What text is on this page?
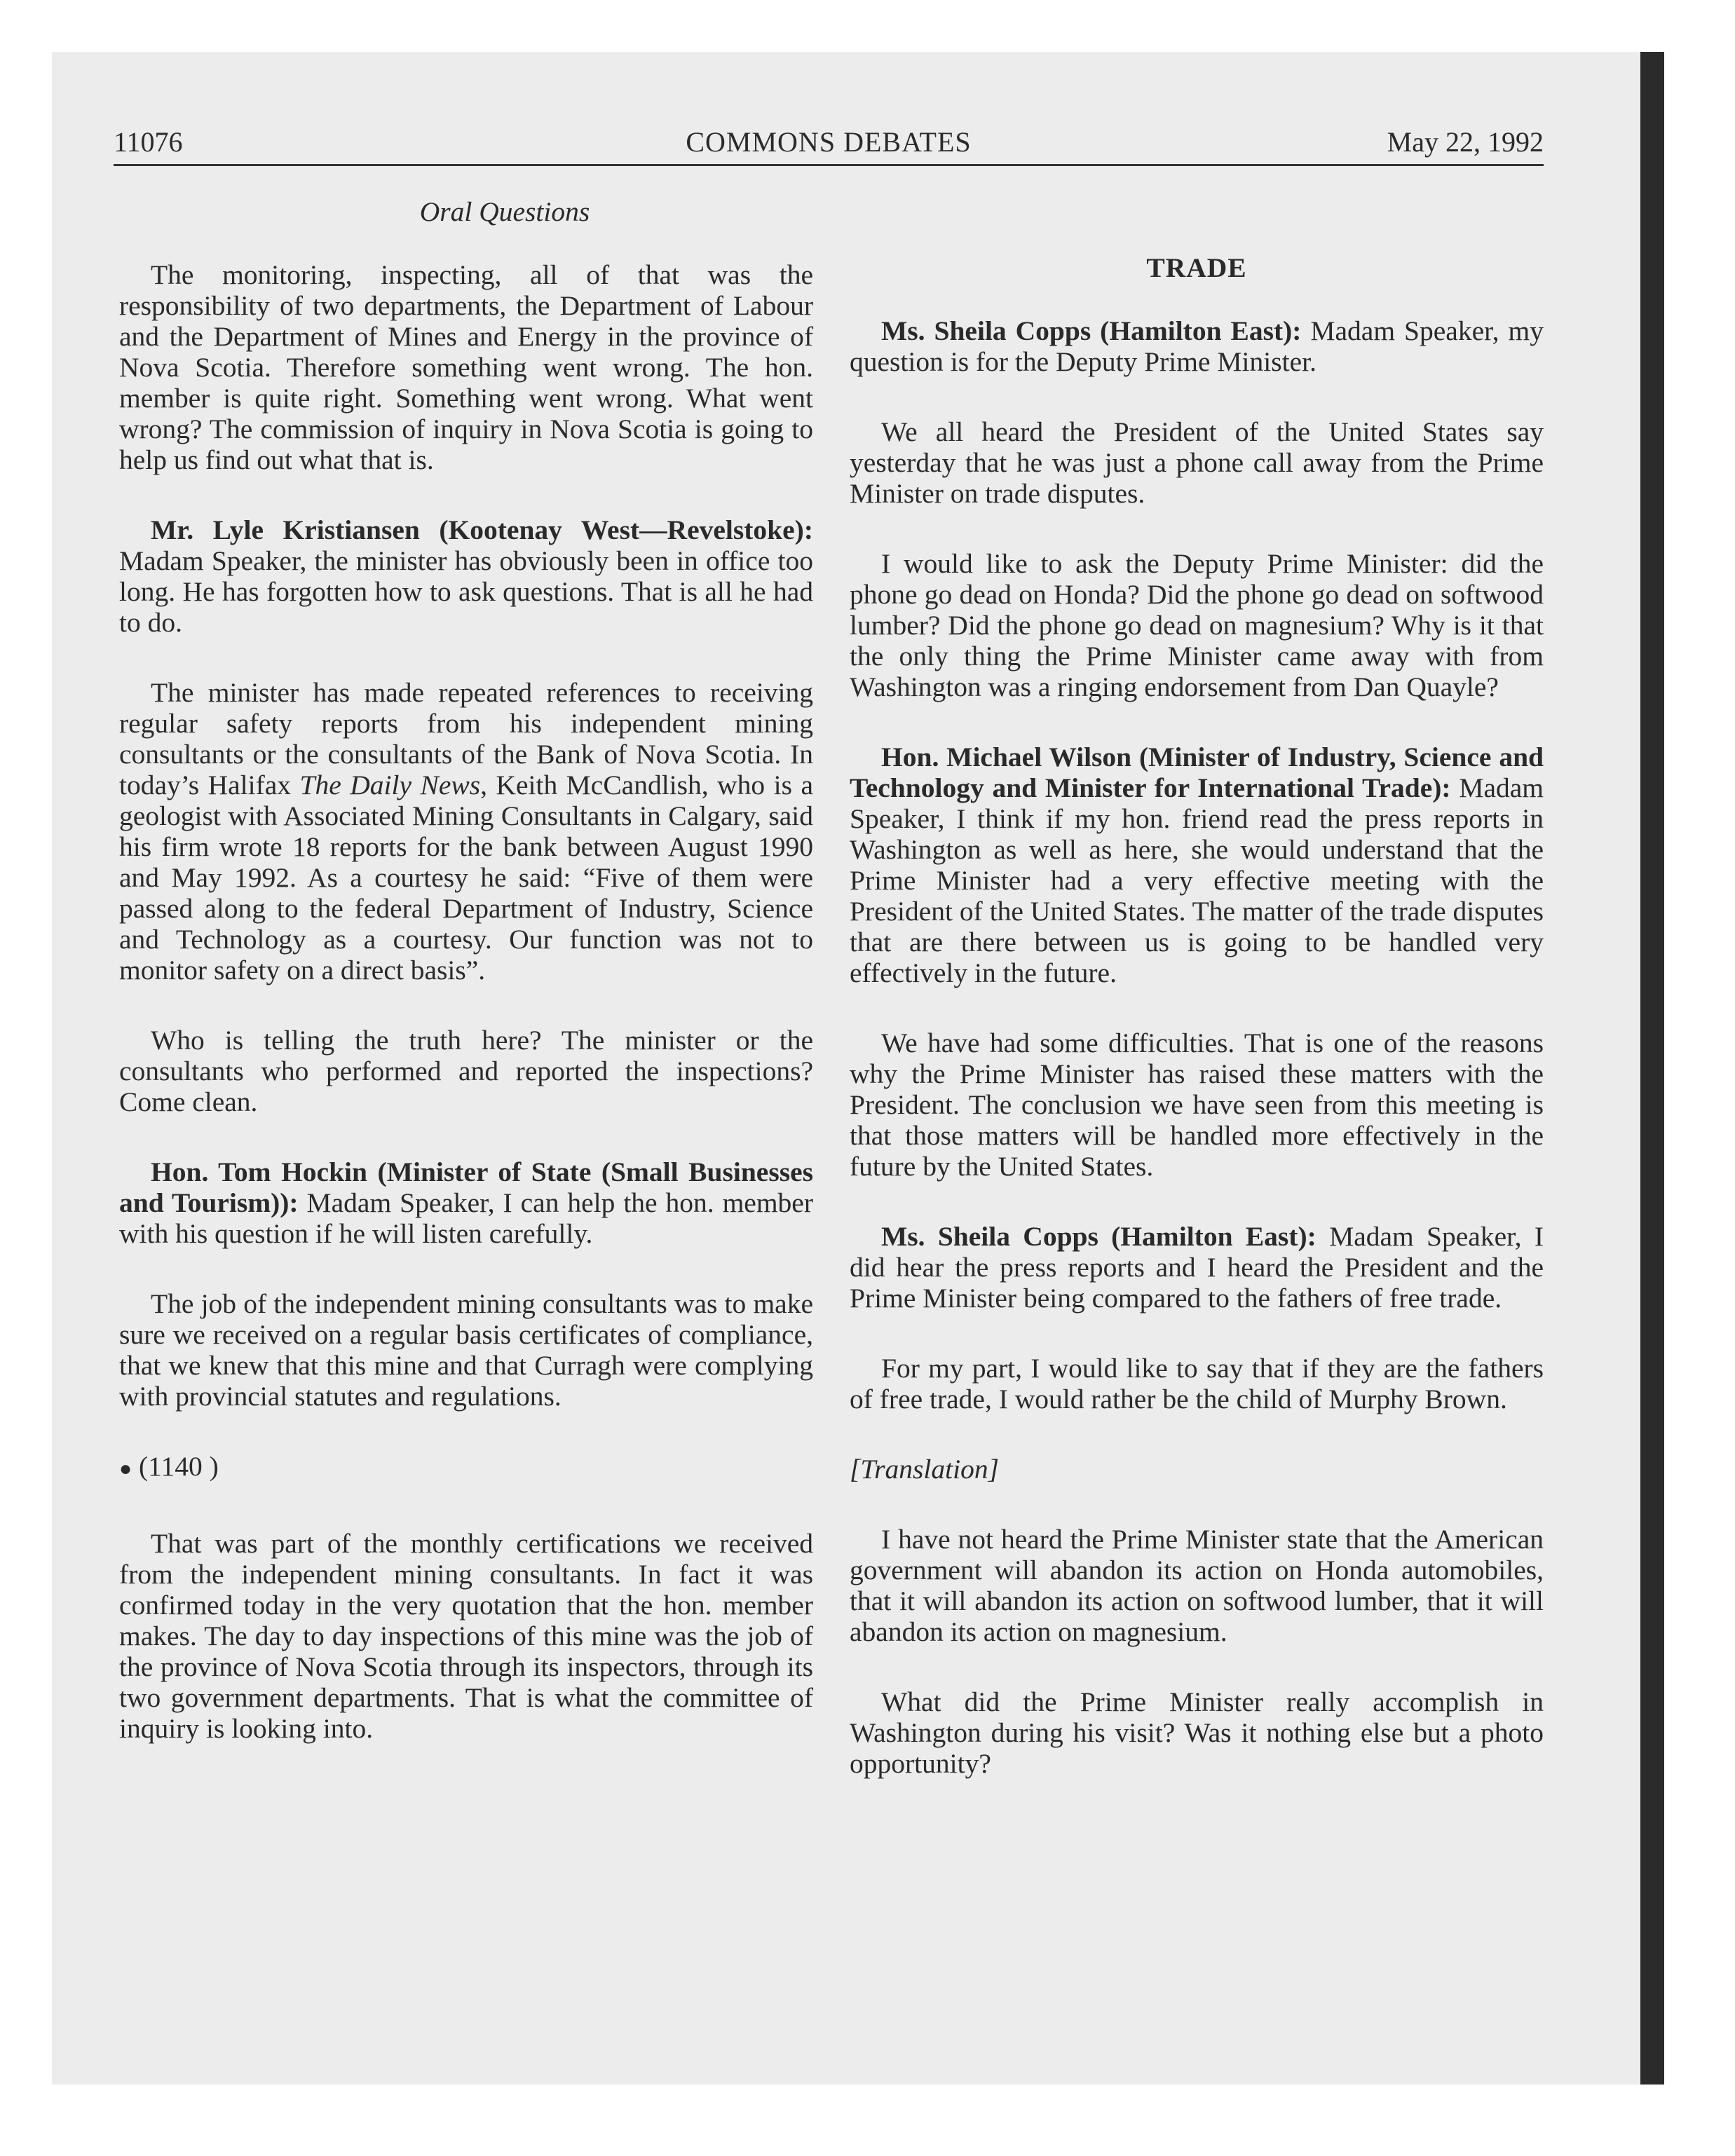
11076	COMMONS DEBATES	May 22, 1992
Oral Questions

The monitoring, inspecting, all of that was the responsibility of two departments, the Department of Labour and the Department of Mines and Energy in the province of Nova Scotia. Therefore something went wrong. The hon. member is quite right. Something went wrong. What went wrong? The commission of inquiry in Nova Scotia is going to help us find out what that is.

Mr. Lyle Kristiansen (Kootenay West—Revelstoke): Madam Speaker, the minister has obviously been in office too long. He has forgotten how to ask questions. That is all he had to do.

The minister has made repeated references to receiving regular safety reports from his independent mining consultants or the consultants of the Bank of Nova Scotia. In today’s Halifax The Daily News, Keith McCandlish, who is a geologist with Associated Mining Consultants in Calgary, said his firm wrote 18 reports for the bank between August 1990 and May 1992. As a courtesy he said: “Five of them were passed along to the federal Department of Industry, Science and Technology as a courtesy. Our function was not to monitor safety on a direct basis”.

Who is telling the truth here? The minister or the consultants who performed and reported the inspections? Come clean.

Hon. Tom Hockin (Minister of State (Small Businesses and Tourism)): Madam Speaker, I can help the hon. member with his question if he will listen carefully.

The job of the independent mining consultants was to make sure we received on a regular basis certificates of compliance, that we knew that this mine and that Curragh were complying with provincial statutes and regulations.

● (1140 )

That was part of the monthly certifications we received from the independent mining consultants. In fact it was confirmed today in the very quotation that the hon. member makes. The day to day inspections of this mine was the job of the province of Nova Scotia through its inspectors, through its two government departments. That is what the committee of inquiry is looking into.

TRADE

Ms. Sheila Copps (Hamilton East): Madam Speaker, my question is for the Deputy Prime Minister.

We all heard the President of the United States say yesterday that he was just a phone call away from the Prime Minister on trade disputes.

I would like to ask the Deputy Prime Minister: did the phone go dead on Honda? Did the phone go dead on softwood lumber? Did the phone go dead on magnesium? Why is it that the only thing the Prime Minister came away with from Washington was a ringing endorsement from Dan Quayle?

Hon. Michael Wilson (Minister of Industry, Science and Technology and Minister for International Trade): Madam Speaker, I think if my hon. friend read the press reports in Washington as well as here, she would understand that the Prime Minister had a very effective meeting with the President of the United States. The matter of the trade disputes that are there between us is going to be handled very effectively in the future.

We have had some difficulties. That is one of the reasons why the Prime Minister has raised these matters with the President. The conclusion we have seen from this meeting is that those matters will be handled more effectively in the future by the United States.

Ms. Sheila Copps (Hamilton East): Madam Speaker, I did hear the press reports and I heard the President and the Prime Minister being compared to the fathers of free trade.

For my part, I would like to say that if they are the fathers of free trade, I would rather be the child of Murphy Brown.

[Translation]

I have not heard the Prime Minister state that the American government will abandon its action on Honda automobiles, that it will abandon its action on softwood lumber, that it will abandon its action on magnesium.

What did the Prime Minister really accomplish in Washington during his visit? Was it nothing else but a photo opportunity?
